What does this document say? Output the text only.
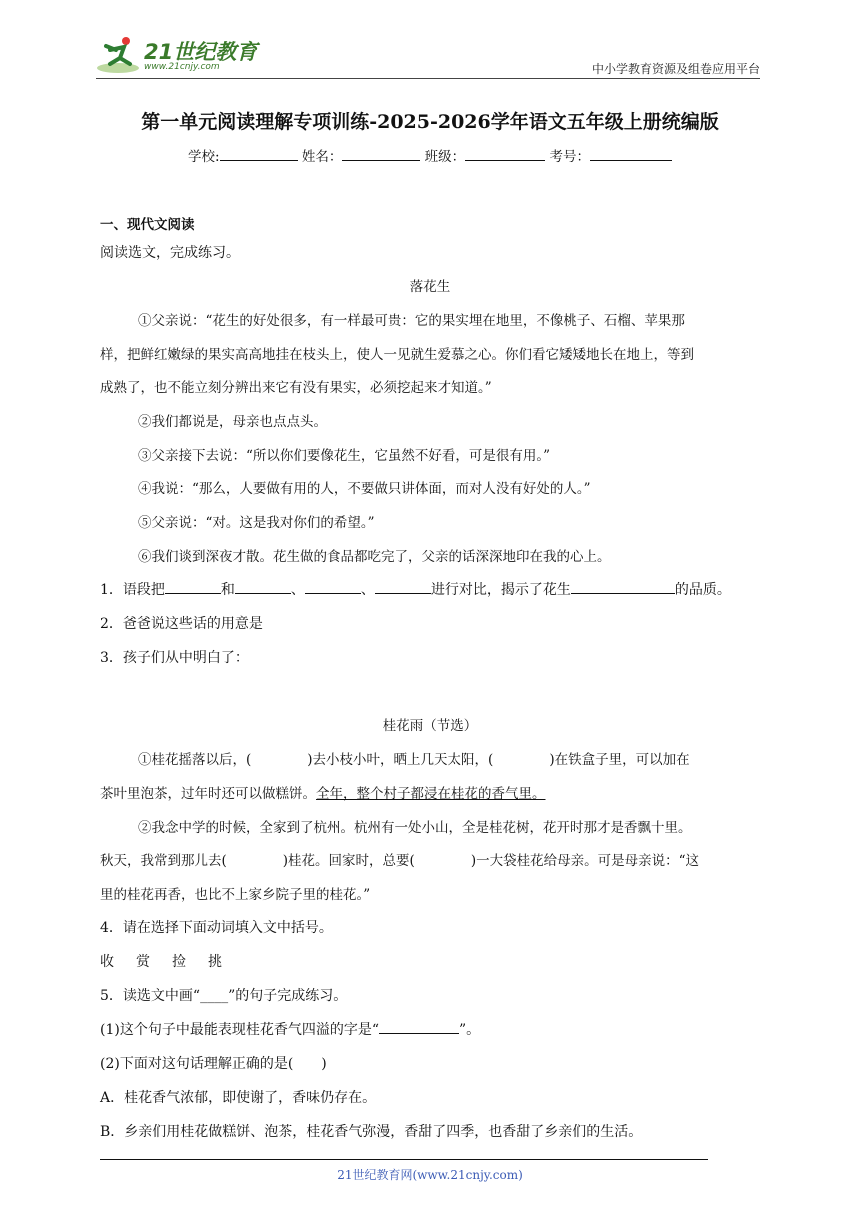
21世纪教育
www.21cnjy.com	中小学教育资源及组卷应用平台
第一单元阅读理解专项训练-2025-2026学年语文五年级上册统编版
学校:	姓名：	班级：	考号：
一、现代文阅读
阅读选文，完成练习。
落花生
①父亲说：“花生的好处很多，有一样最可贵：它的果实埋在地里，不像桃子、石榴、苹果那
样，把鲜红嫩绿的果实高高地挂在枝头上，使人一见就生爱慕之心。你们看它矮矮地长在地上，等到
成熟了，也不能立刻分辨出来它有没有果实，必须挖起来才知道。”
②我们都说是，母亲也点点头。
③父亲接下去说：“所以你们要像花生，它虽然不好看，可是很有用。”
④我说：“那么，人要做有用的人，不要做只讲体面，而对人没有好处的人。”
⑤父亲说：“对。这是我对你们的希望。”
⑥我们谈到深夜才散。花生做的食品都吃完了，父亲的话深深地印在我的心上。
1．语段把	和	、	、	进行对比，揭示了花生	的品质。
2．爸爸说这些话的用意是
3．孩子们从中明白了：
桂花雨（节选）
①桂花摇落以后，(	)去小枝小叶，晒上几天太阳，(	)在铁盒子里，可以加在
茶叶里泡茶，过年时还可以做糕饼。全年，整个村子都浸在桂花的香气里。
②我念中学的时候，全家到了杭州。杭州有一处小山，全是桂花树，花开时那才是香飘十里。
秋天，我常到那儿去(	)桂花。回家时，总要(	)一大袋桂花给母亲。可是母亲说：“这
里的桂花再香，也比不上家乡院子里的桂花。”
4．请在选择下面动词填入文中括号。
收 赏 捡 挑
5．读选文中画“____”的句子完成练习。
(1)这个句子中最能表现桂花香气四溢的字是“	”。
(2)下面对这句话理解正确的是(　　)
A．桂花香气浓郁，即使谢了，香味仍存在。
B．乡亲们用桂花做糕饼、泡茶，桂花香气弥漫，香甜了四季，也香甜了乡亲们的生活。
21世纪教育网(www.21cnjy.com)
